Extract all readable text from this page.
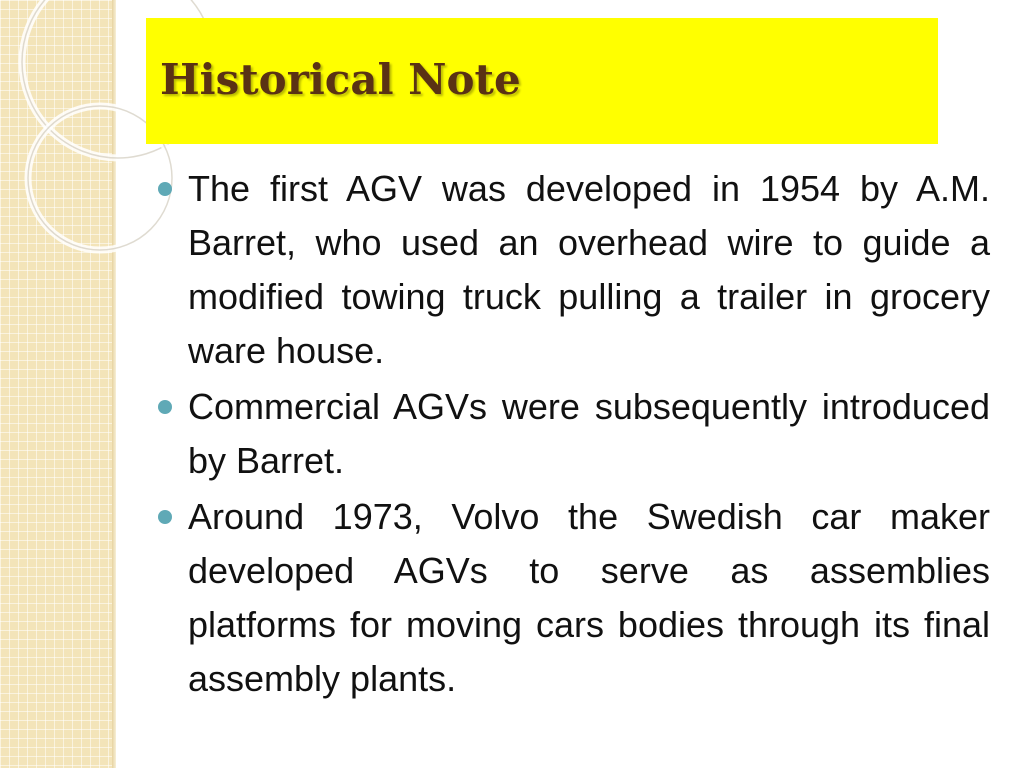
Historical Note
The first AGV was developed in 1954 by A.M. Barret, who used an overhead wire to guide a modified towing truck pulling a trailer in grocery ware house.
Commercial AGVs were subsequently introduced by Barret.
Around 1973, Volvo the Swedish car maker developed AGVs to serve as assemblies platforms for moving cars bodies through its final assembly plants.
